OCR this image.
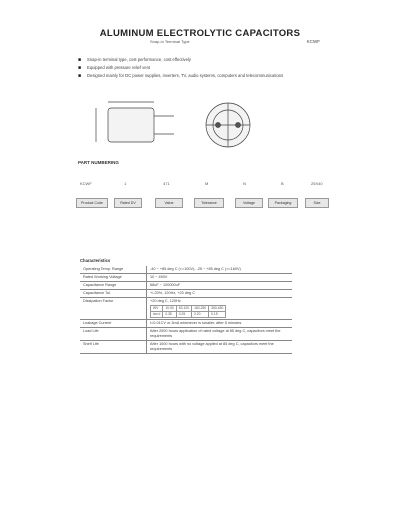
ALUMINUM ELECTROLYTIC CAPACITORS
Snap-in Terminal Type	KCWF
■ Snap-in terminal type, cost performance, cost effectively
■ Equipped with pressure relief vent
■ Designed mainly for DC power supplies, inverters, TV, audio systems, computers and telecommunications
PART NUMBERING
KCWF	1	471	M	N	B	25X40
Product Code	Rated DV	Value	Tolerance	Voltage	Packaging	Size
Characteristics
Operating Temp. Range	-40 ~ +85 deg C (<=100V), -25 ~ +85 deg C (>=160V)
Rated Working Voltage	10 ~ 450V
Capacitance Range	68uF ~ 100000uF
Capacitance Tol.	+/-20%, 120Hz, +20 deg C
Dissipation Factor	+20 deg C, 120Hz
WV	10-50	63-100	160-250	350-450
tan d	0.35	0.25	0.20	0.15
Leakage Current	I=0.01CV or 3mA whichever is smaller, after 5 minutes
Load Life	After 2000 hours application of rated voltage at 85 deg C, capacitors meet the requirements
Shelf Life	After 1000 hours with no voltage applied at 85 deg C, capacitors meet the requirements
